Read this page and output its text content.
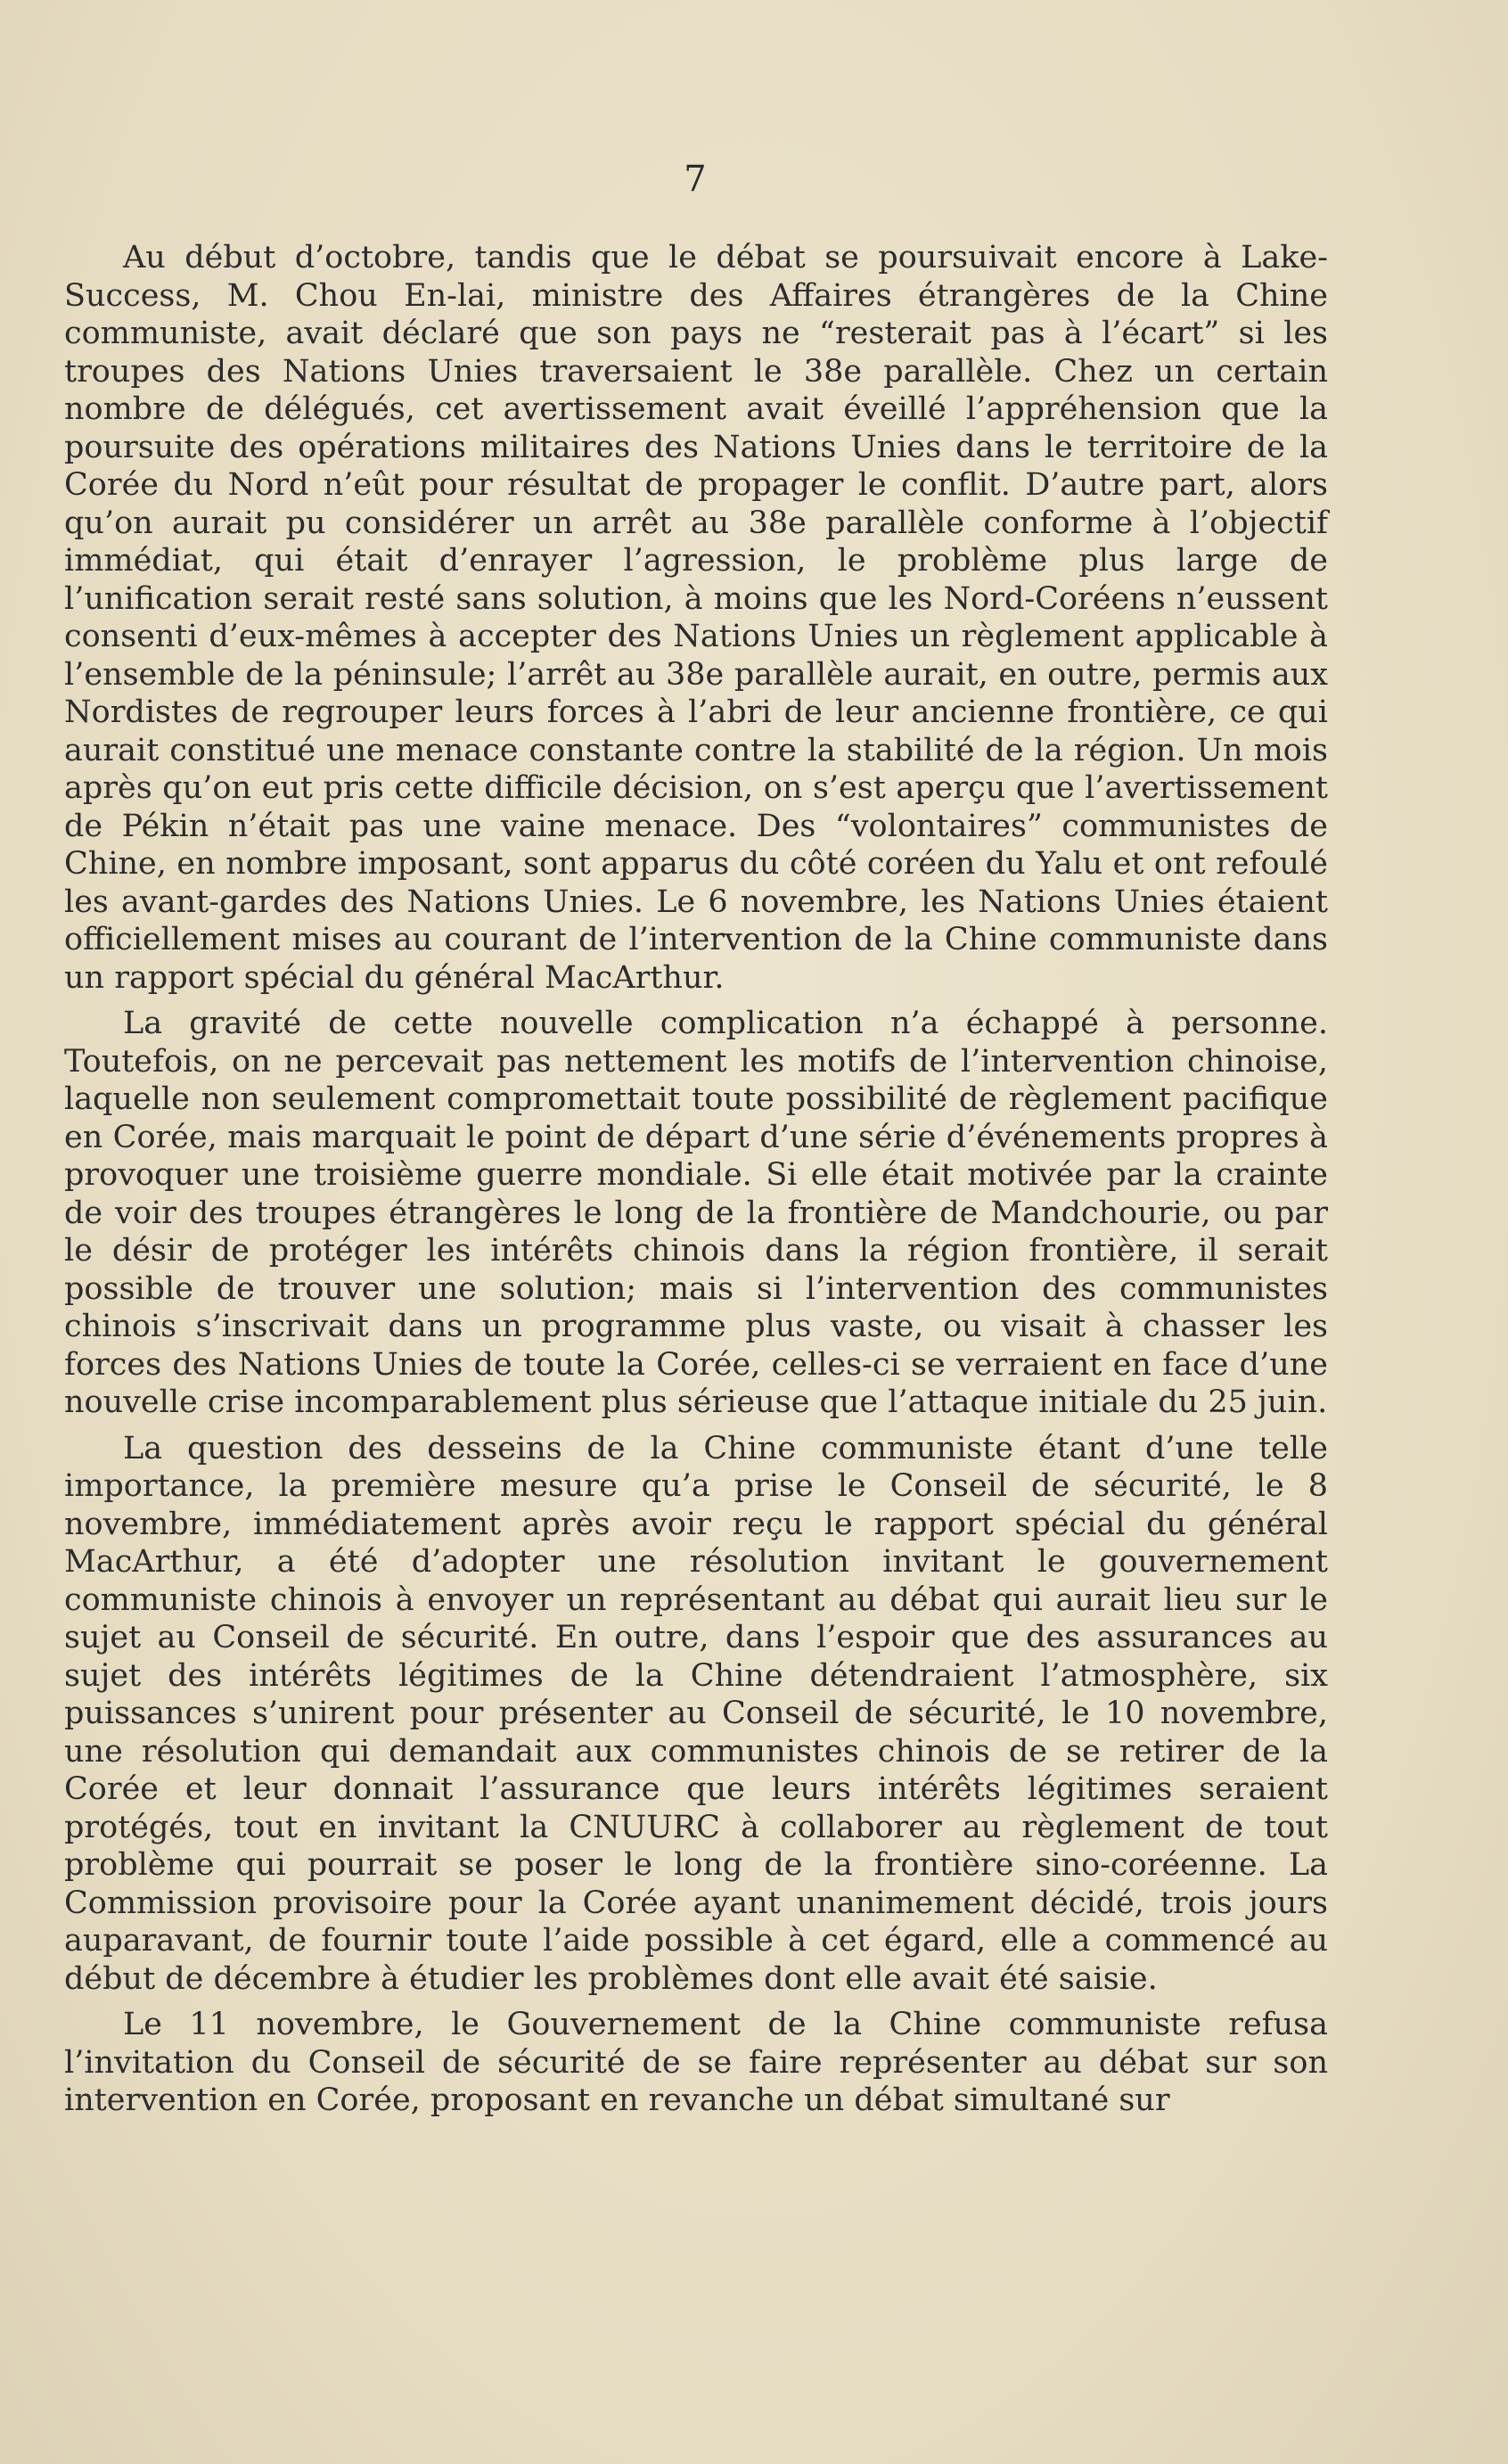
7

Au début d’octobre, tandis que le débat se poursuivait encore à Lake-Success, M. Chou En-lai, ministre des Affaires étrangères de la Chine communiste, avait déclaré que son pays ne “resterait pas à l’écart” si les troupes des Nations Unies traversaient le 38e parallèle. Chez un certain nombre de délégués, cet avertissement avait éveillé l’appréhension que la poursuite des opérations militaires des Nations Unies dans le territoire de la Corée du Nord n’eût pour résultat de propager le conflit. D’autre part, alors qu’on aurait pu considérer un arrêt au 38e parallèle conforme à l’objectif immédiat, qui était d’enrayer l’agression, le problème plus large de l’unification serait resté sans solution, à moins que les Nord-Coréens n’eussent consenti d’eux-mêmes à accepter des Nations Unies un règlement applicable à l’ensemble de la péninsule; l’arrêt au 38e parallèle aurait, en outre, permis aux Nordistes de regrouper leurs forces à l’abri de leur ancienne frontière, ce qui aurait constitué une menace constante contre la stabilité de la région. Un mois après qu’on eut pris cette difficile décision, on s’est aperçu que l’avertissement de Pékin n’était pas une vaine menace. Des “volontaires” communistes de Chine, en nombre imposant, sont apparus du côté coréen du Yalu et ont refoulé les avant-gardes des Nations Unies. Le 6 novembre, les Nations Unies étaient officiellement mises au courant de l’intervention de la Chine communiste dans un rapport spécial du général MacArthur.

La gravité de cette nouvelle complication n’a échappé à personne. Toutefois, on ne percevait pas nettement les motifs de l’intervention chinoise, laquelle non seulement compromettait toute possibilité de règlement pacifique en Corée, mais marquait le point de départ d’une série d’événements propres à provoquer une troisième guerre mondiale. Si elle était motivée par la crainte de voir des troupes étrangères le long de la frontière de Mandchourie, ou par le désir de protéger les intérêts chinois dans la région frontière, il serait possible de trouver une solution; mais si l’intervention des communistes chinois s’inscrivait dans un programme plus vaste, ou visait à chasser les forces des Nations Unies de toute la Corée, celles-ci se verraient en face d’une nouvelle crise incomparablement plus sérieuse que l’attaque initiale du 25 juin.

La question des desseins de la Chine communiste étant d’une telle importance, la première mesure qu’a prise le Conseil de sécurité, le 8 novembre, immédiatement après avoir reçu le rapport spécial du général MacArthur, a été d’adopter une résolution invitant le gouvernement communiste chinois à envoyer un représentant au débat qui aurait lieu sur le sujet au Conseil de sécurité. En outre, dans l’espoir que des assurances au sujet des intérêts légitimes de la Chine détendraient l’atmosphère, six puissances s’unirent pour présenter au Conseil de sécurité, le 10 novembre, une résolution qui demandait aux communistes chinois de se retirer de la Corée et leur donnait l’assurance que leurs intérêts légitimes seraient protégés, tout en invitant la CNUURC à collaborer au règlement de tout problème qui pourrait se poser le long de la frontière sino-coréenne. La Commission provisoire pour la Corée ayant unanimement décidé, trois jours auparavant, de fournir toute l’aide possible à cet égard, elle a commencé au début de décembre à étudier les problèmes dont elle avait été saisie.

Le 11 novembre, le Gouvernement de la Chine communiste refusa l’invitation du Conseil de sécurité de se faire représenter au débat sur son intervention en Corée, proposant en revanche un débat simultané sur
